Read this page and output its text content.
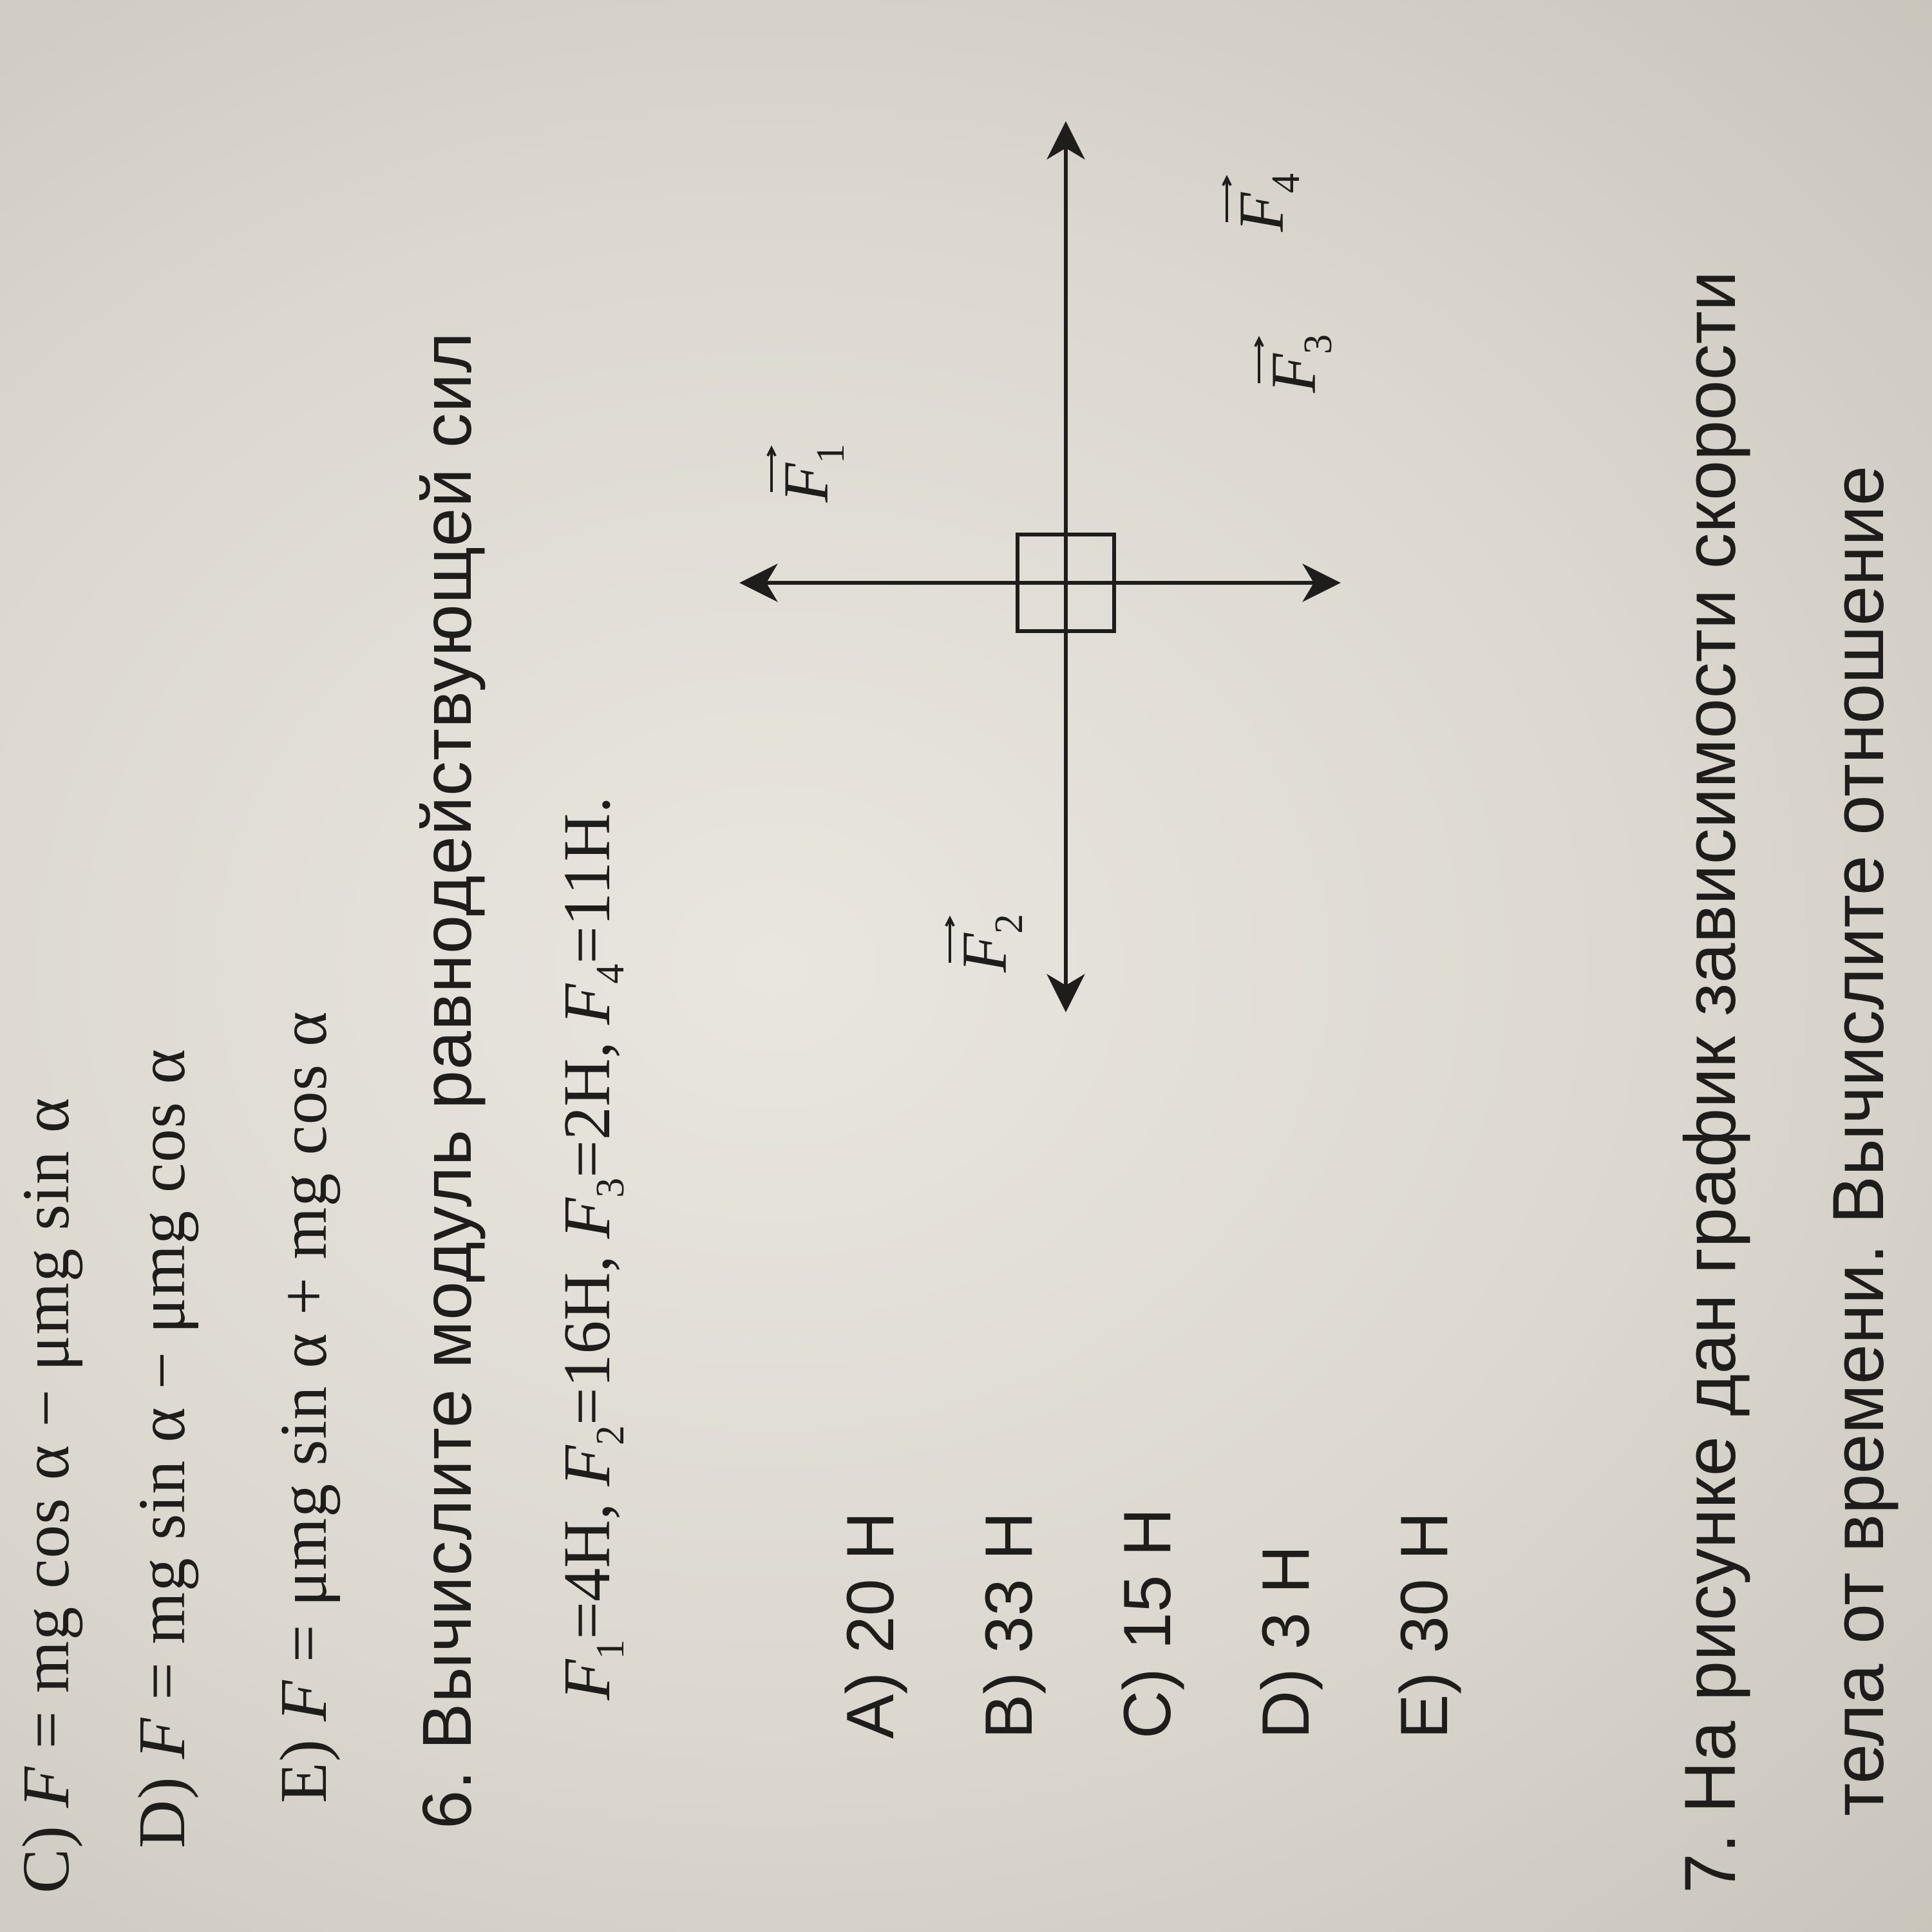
C) F = mg cos α − μmg sin α
D) F = mg sin α − μmg cos α
E) F = μmg sin α + mg cos α
6. Вычислите модуль равнодействующей сил $F_1=4Н$, $F_2=16Н$, $F_3=2Н$, $F_4=11Н$.
A) 20 Н
B) 33 Н
C) 15 Н
D) 3 Н
E) 30 Н
F
1
F
2
F
3
F
4
7. На рисунке дан график зависимости скорости тела от времени. Вычислите отношение
